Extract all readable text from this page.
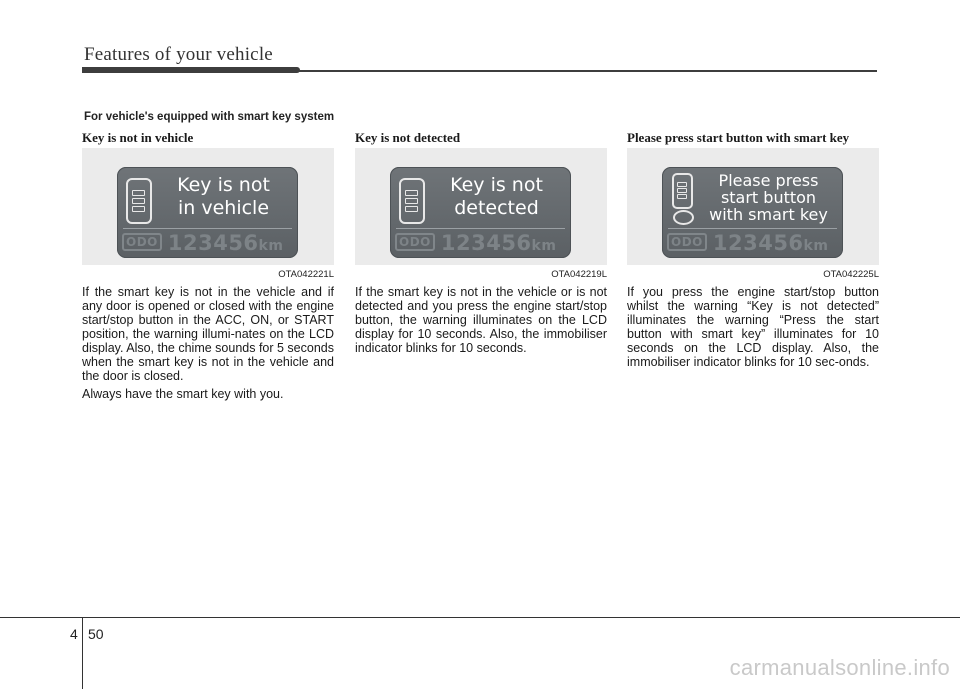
Features of your vehicle
For vehicle's equipped with smart key system
Key is not in vehicle
Key is not
in vehicle
ODO 123456km
OTA042221L

If the smart key is not in the vehicle and if any door is opened or closed with the engine start/stop button in the ACC, ON, or START position, the warning illumi-nates on the LCD display. Also, the chime sounds for 5 seconds when the smart key is not in the vehicle and the door is closed.

Always have the smart key with you.

Key is not detected
Key is not
detected
ODO 123456km
OTA042219L

If the smart key is not in the vehicle or is not detected and you press the engine start/stop button, the warning illuminates on the LCD display for 10 seconds. Also, the immobiliser indicator blinks for 10 seconds.

Please press start button with smart key
Please press
start button
with smart key
ODO 123456km
OTA042225L

If you press the engine start/stop button whilst the warning “Key is not detected” illuminates the warning “Press the start button with smart key” illuminates for 10 seconds on the LCD display. Also, the immobiliser indicator blinks for 10 sec-onds.

4 50
carmanualsonline.info
